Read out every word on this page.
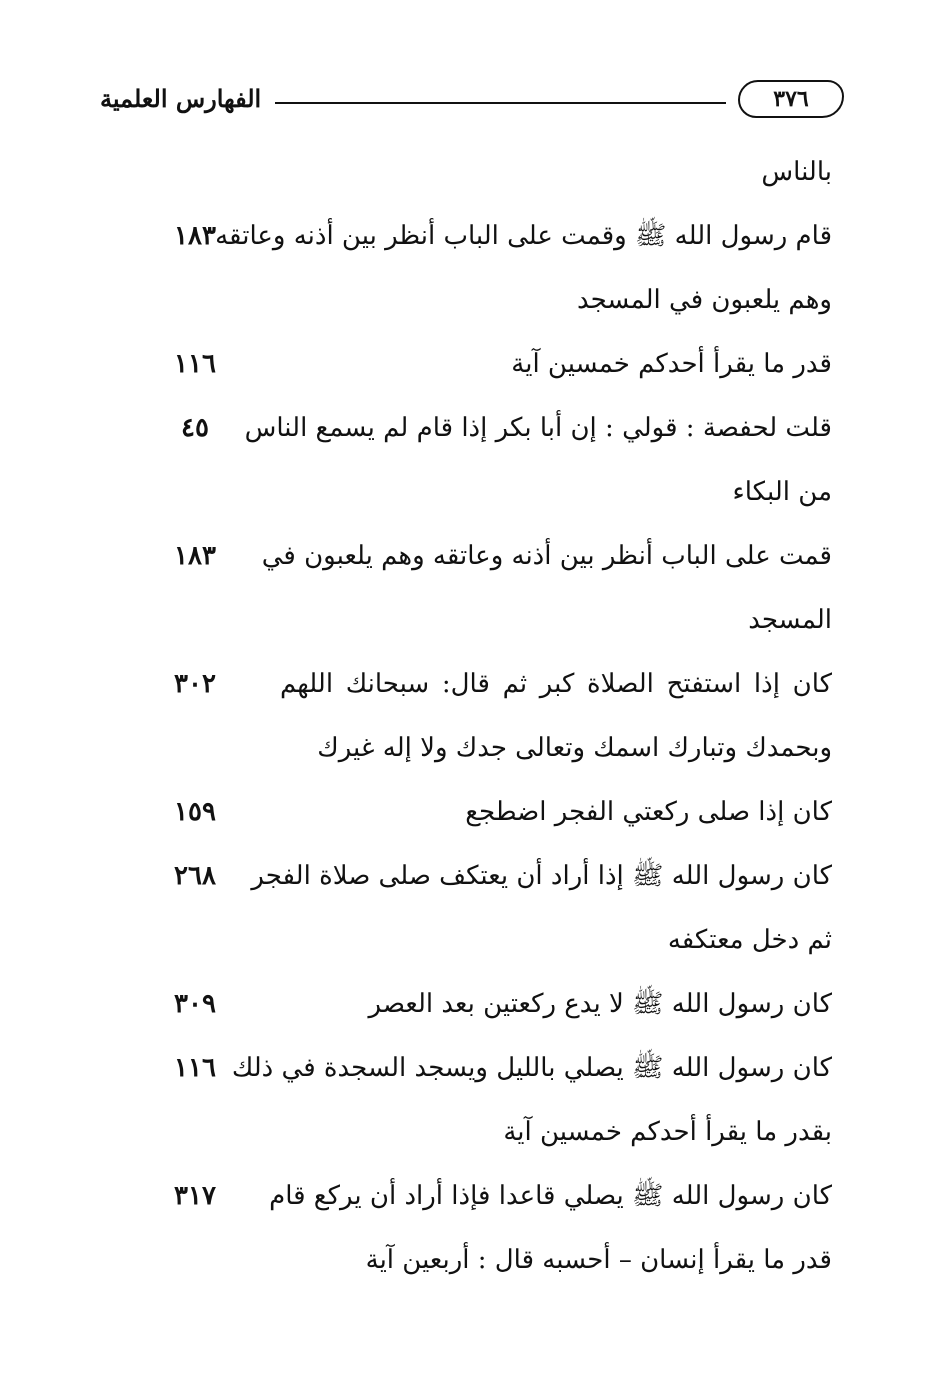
الفهارس العلمية	٣٧٦
بالناس
قام رسول الله ﷺ وقمت على الباب أنظر بين أذنه وعاتقه
وهم يلعبون في المسجد
١٨٣
قدر ما يقرأ أحدكم خمسين آية
١١٦
قلت لحفصة : قولي : إن أبا بكر إذا قام لم يسمع الناس
من البكاء
٤٥
قمت على الباب أنظر بين أذنه وعاتقه وهم يلعبون في
المسجد
١٨٣
كان إذا استفتح الصلاة كبر ثم قال: سبحانك اللهم
وبحمدك وتبارك اسمك وتعالى جدك ولا إله غيرك
٣٠٢
كان إذا صلى ركعتي الفجر اضطجع
١٥٩
كان رسول الله ﷺ إذا أراد أن يعتكف صلى صلاة الفجر
ثم دخل معتكفه
٢٦٨
كان رسول الله ﷺ لا يدع ركعتين بعد العصر
٣٠٩
كان رسول الله ﷺ يصلي بالليل ويسجد السجدة في ذلك
بقدر ما يقرأ أحدكم خمسين آية
١١٦
كان رسول الله ﷺ يصلي قاعدا فإذا أراد أن يركع قام
قدر ما يقرأ إنسان – أحسبه قال : أربعين آية
٣١٧
